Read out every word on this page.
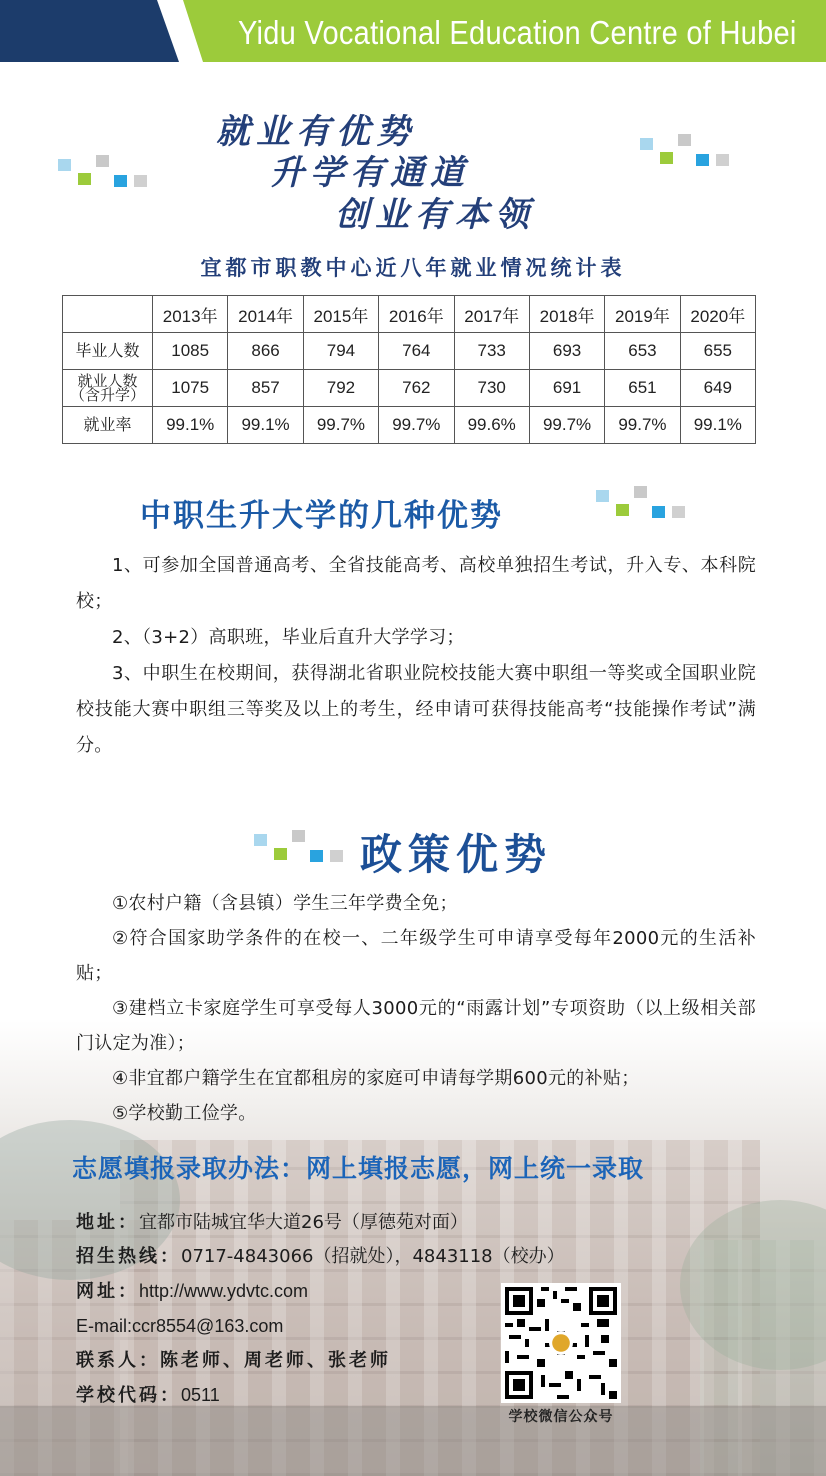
Yidu Vocational Education Centre of Hubei
就业有优势
升学有通道
创业有本领
宜都市职教中心近八年就业情况统计表
	2013年	2014年	2015年	2016年	2017年	2018年	2019年	2020年
毕业人数	1085	866	794	764	733	693	653	655

就业人数
（含升学）	1075	857	792	762	730	691	651	649
就业率	99.1%	99.1%	99.7%	99.7%	99.6%	99.7%	99.7%	99.1%
中职生升大学的几种优势

1、可参加全国普通高考、全省技能高考、高校单独招生考试，升入专、本科院校；

2、（3+2）高职班，毕业后直升大学学习；

3、中职生在校期间，获得湖北省职业院校技能大赛中职组一等奖或全国职业院校技能大赛中职组三等奖及以上的考生，经申请可获得技能高考“技能操作考试”满分。

政策优势

①农村户籍（含县镇）学生三年学费全免；

②符合国家助学条件的在校一、二年级学生可申请享受每年2000元的生活补贴；

③建档立卡家庭学生可享受每人3000元的“雨露计划”专项资助（以上级相关部门认定为准）；

④非宜都户籍学生在宜都租房的家庭可申请每学期600元的补贴；

⑤学校勤工俭学。

志愿填报录取办法：网上填报志愿，网上统一录取
地址：宜都市陆城宜华大道26号（厚德苑对面）
招生热线：0717-4843066（招就处），4843118（校办）
网址：http://www.ydvtc.com
E-mail:ccr8554@163.com
联系人：陈老师、周老师、张老师
学校代码：0511
学校微信公众号
